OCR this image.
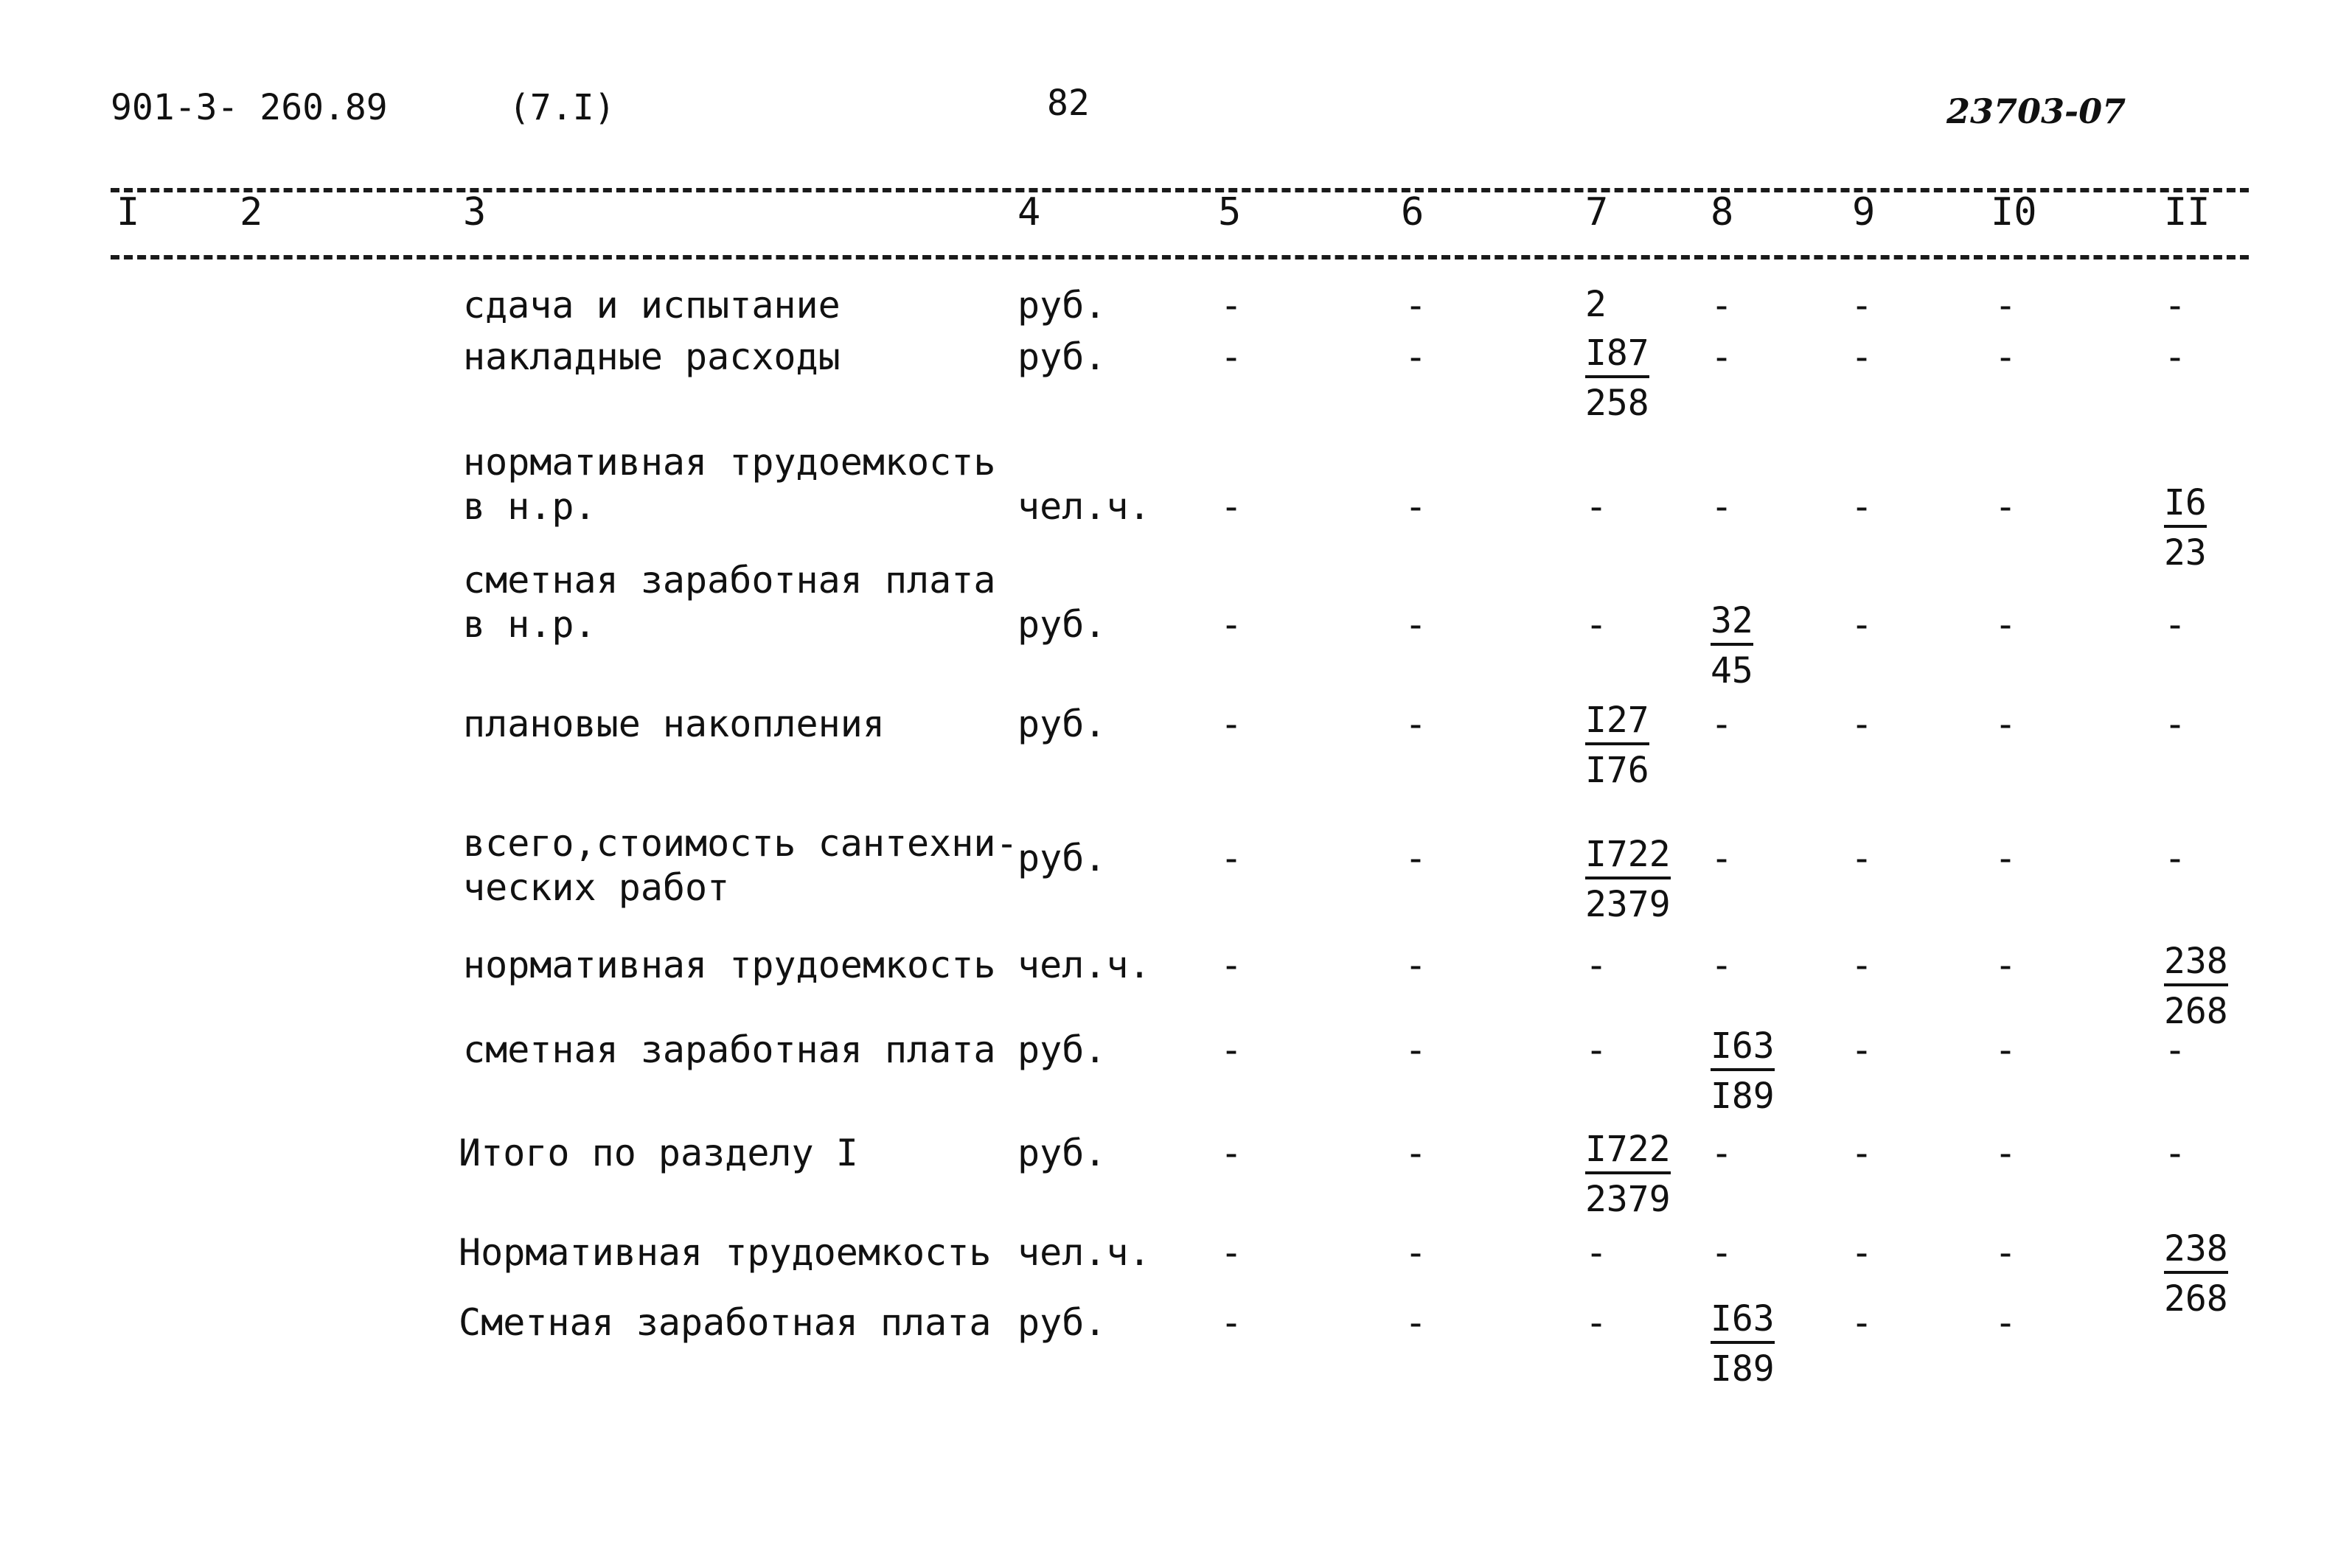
901-3- 260.89	(7.I)	82	23703-07
I	2	3	4	5	6	7	8	9	I0	II
сдача и испытание	руб.	-	-	2	-	-	-	-
накладные расходы	руб.	-	-	$\frac{I87}{258}$ -	-	-	-
нормативная трудоемкость
в н.р.	чел.ч. -	-	-	-	-	-	$\frac{I6}{23}$
сметная заработная плата
в н.р.	руб.	-	-	-	$\frac{32}{45}$	-	-	-
плановые накопления	руб.	-	-	$\frac{I27}{I76}$ -	-	-	-
всего,стоимость сантехни-
ческих работ
руб.	-	-	$\frac{I722}{2379}$ -	-	-	-
нормативная трудоемкость чел.ч. -	-	-	-	-	-	$\frac{238}{268}$
сметная заработная плата руб.	-	-	-	$\frac{I63}{I89}$ -	-	-
Итого по разделу I	руб.	-	-	$\frac{I722}{2379}$ -	-	-	-
Нормативная трудоемкость чел.ч. -	-	-	-	-	-	$\frac{238}{268}$
Сметная заработная плата руб.	-	-	-	$\frac{I63}{I89}$ -	-
